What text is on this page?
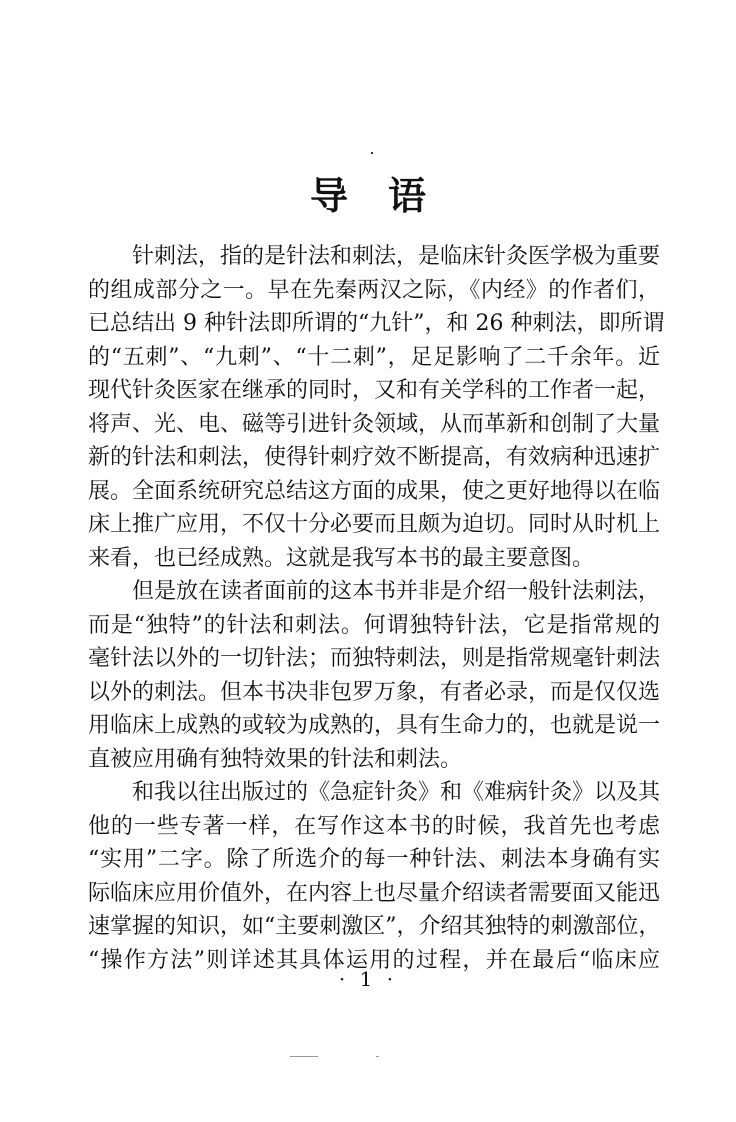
导语
针刺法，指的是针法和刺法，是临床针灸医学极为重要
的组成部分之一。早在先秦两汉之际，《内经》的作者们，
已总结出 9 种针法即所谓的“九针”，和 26 种刺法，即所谓
的“五刺”、“九刺”、“十二刺”，足足影响了二千余年。近
现代针灸医家在继承的同时，又和有关学科的工作者一起，
将声、光、电、磁等引进针灸领域，从而革新和创制了大量
新的针法和刺法，使得针刺疗效不断提高，有效病种迅速扩
展。全面系统研究总结这方面的成果，使之更好地得以在临
床上推广应用，不仅十分必要而且颇为迫切。同时从时机上
来看，也已经成熟。这就是我写本书的最主要意图。
但是放在读者面前的这本书并非是介绍一般针法刺法，
而是“独特”的针法和刺法。何谓独特针法，它是指常规的
毫针法以外的一切针法；而独特刺法，则是指常规毫针刺法
以外的刺法。但本书决非包罗万象，有者必录，而是仅仅选
用临床上成熟的或较为成熟的，具有生命力的，也就是说一
直被应用确有独特效果的针法和刺法。
和我以往出版过的《急症针灸》和《难病针灸》以及其
他的一些专著一样，在写作这本书的时候，我首先也考虑
“实用”二字。除了所选介的每一种针法、刺法本身确有实
际临床应用价值外，在内容上也尽量介绍读者需要面又能迅
速掌握的知识，如“主要刺激区”，介绍其独特的刺激部位，
“操作方法”则详述其具体运用的过程，并在最后“临床应
· 1 ·
